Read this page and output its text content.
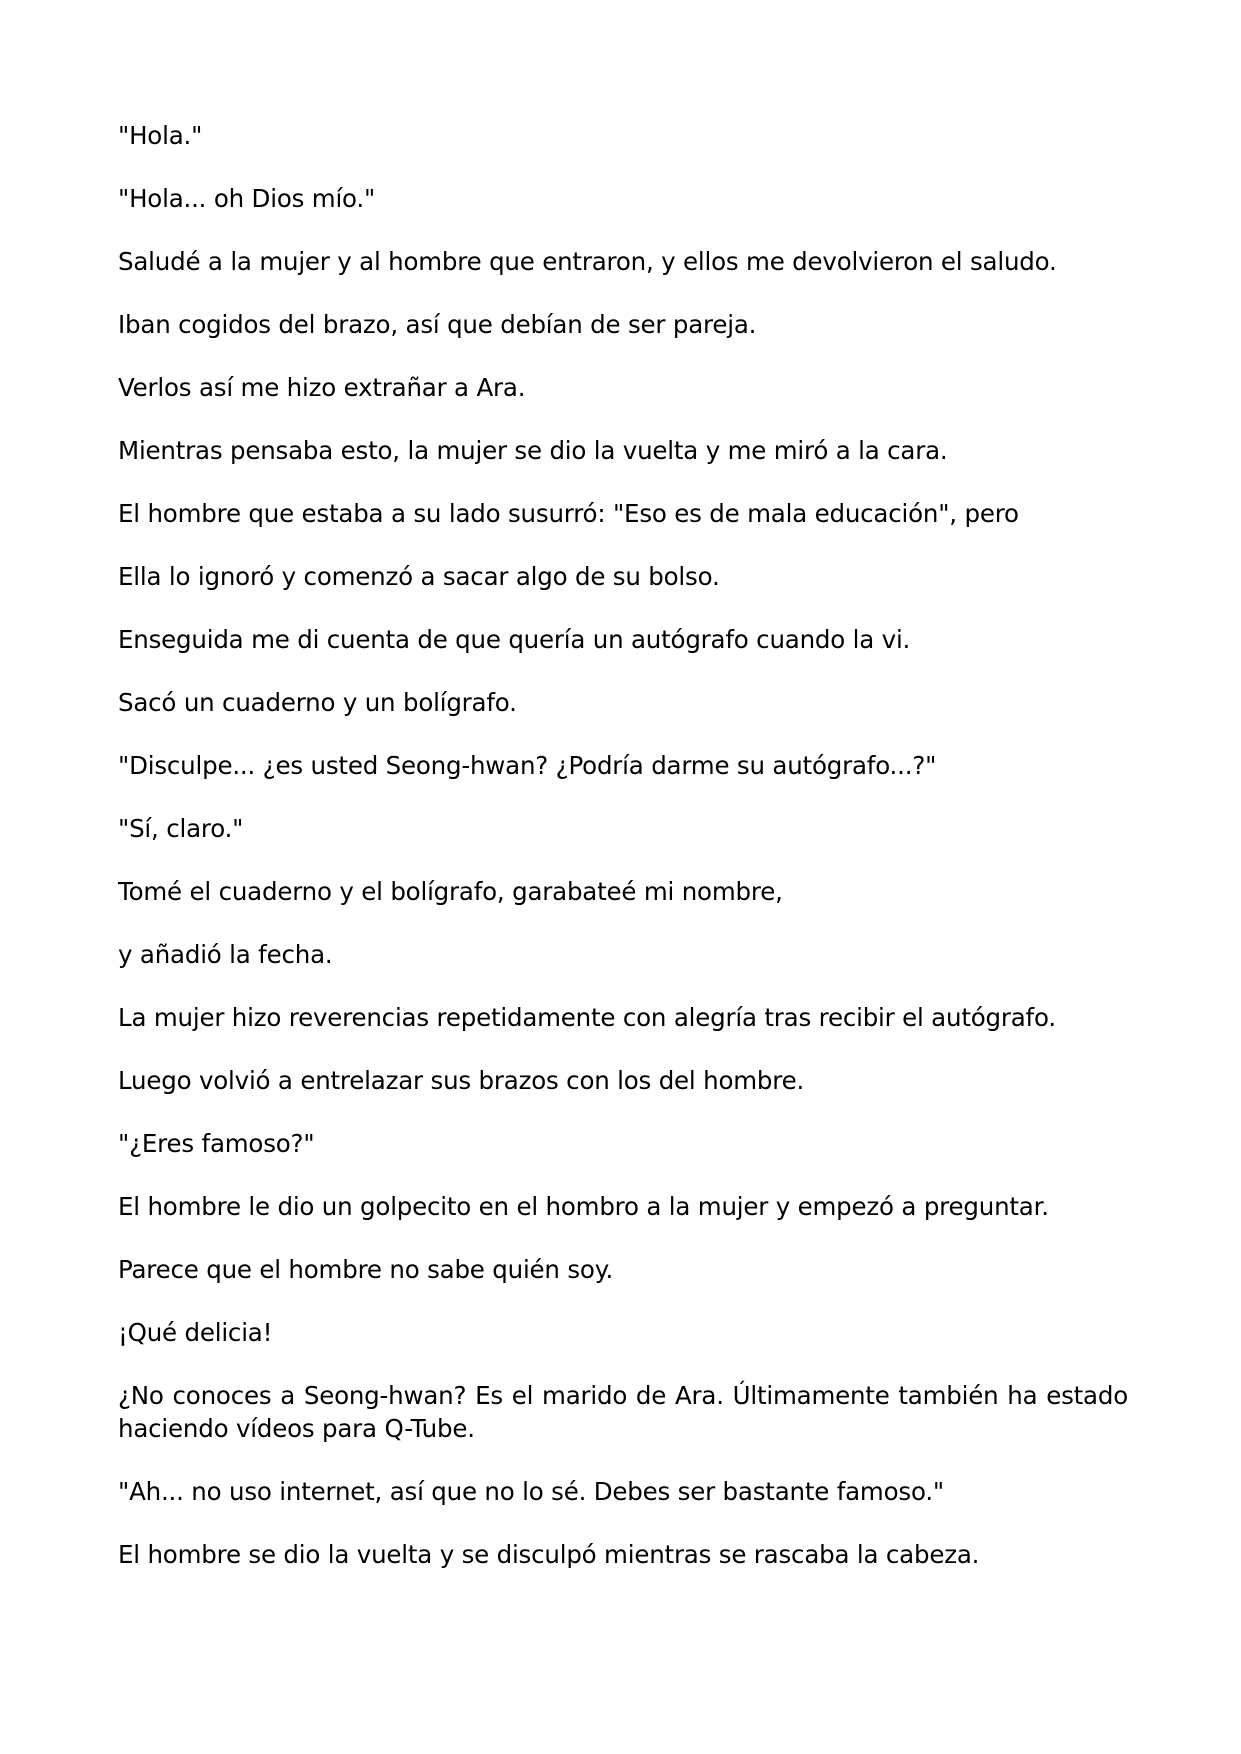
"Hola."

"Hola... oh Dios mío."

Saludé a la mujer y al hombre que entraron, y ellos me devolvieron el saludo.

Iban cogidos del brazo, así que debían de ser pareja.

Verlos así me hizo extrañar a Ara.

Mientras pensaba esto, la mujer se dio la vuelta y me miró a la cara.

El hombre que estaba a su lado susurró: "Eso es de mala educación", pero

Ella lo ignoró y comenzó a sacar algo de su bolso.

Enseguida me di cuenta de que quería un autógrafo cuando la vi.

Sacó un cuaderno y un bolígrafo.

"Disculpe... ¿es usted Seong-hwan? ¿Podría darme su autógrafo...?"

"Sí, claro."

Tomé el cuaderno y el bolígrafo, garabateé mi nombre,

y añadió la fecha.

La mujer hizo reverencias repetidamente con alegría tras recibir el autógrafo.

Luego volvió a entrelazar sus brazos con los del hombre.

"¿Eres famoso?"

El hombre le dio un golpecito en el hombro a la mujer y empezó a preguntar.

Parece que el hombre no sabe quién soy.

¡Qué delicia!

¿No conoces a Seong-hwan? Es el marido de Ara. Últimamente también ha estado haciendo vídeos para Q-Tube.

"Ah... no uso internet, así que no lo sé. Debes ser bastante famoso."

El hombre se dio la vuelta y se disculpó mientras se rascaba la cabeza.
